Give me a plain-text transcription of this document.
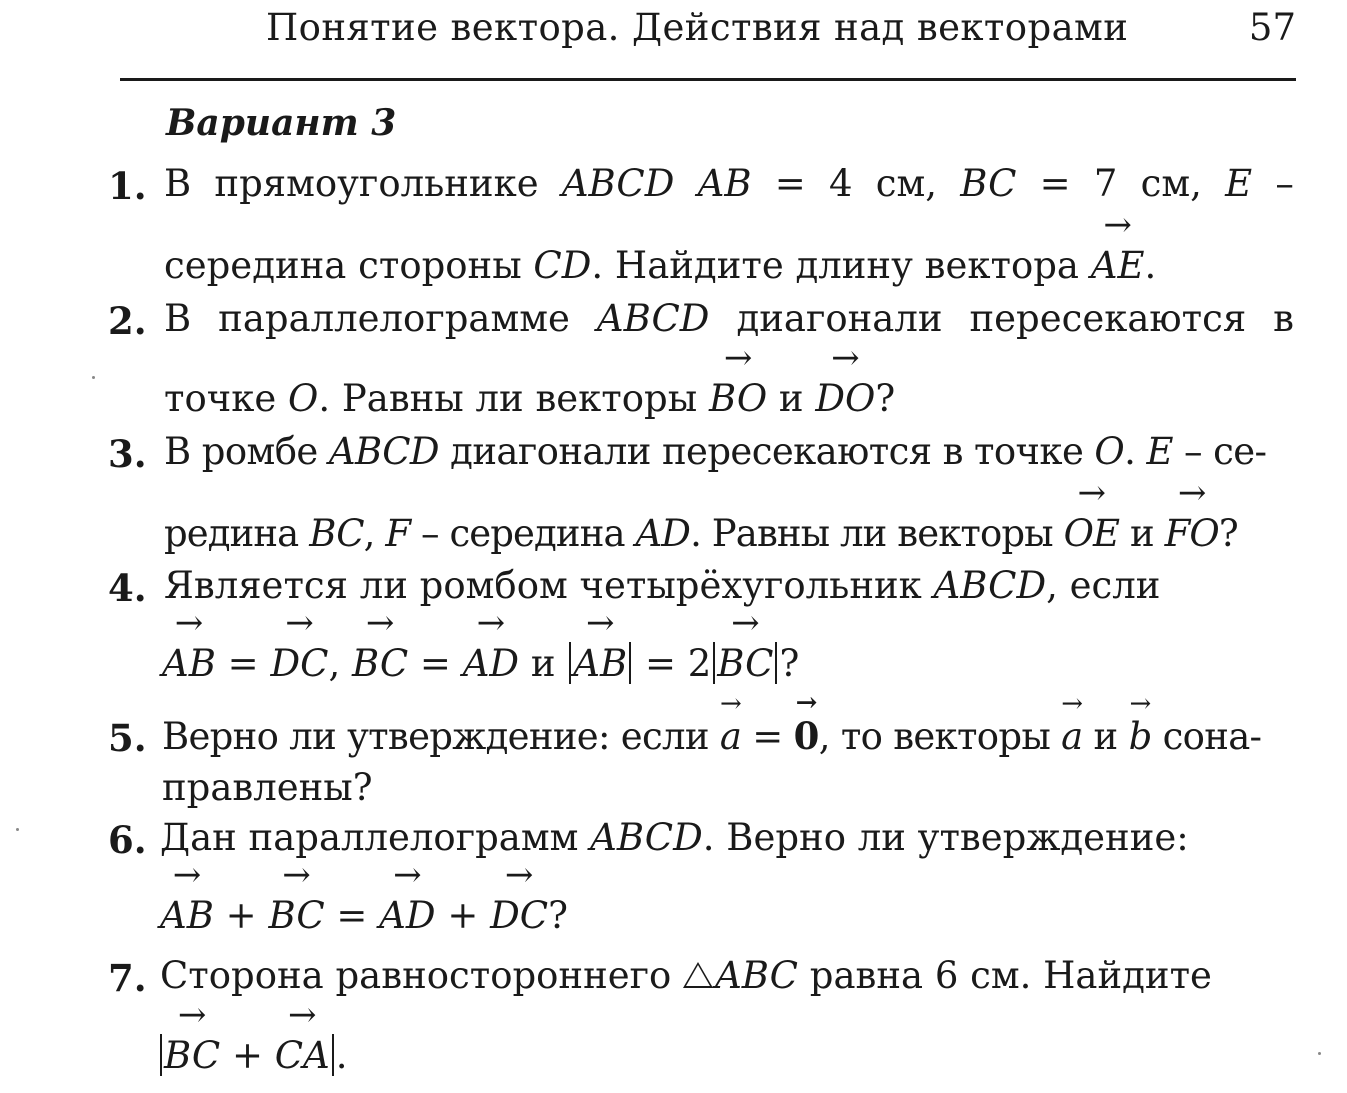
Понятие вектора. Действия над векторами	57
Вариант 3
1. В прямоугольнике ABCD AB = 4 см, BC = 7 см, E –
середина стороны CD. Найдите длину вектора → AE.
2. В параллелограмме ABCD диагонали пересекаются в
точке O. Равны ли векторы → BO и → DO?
3. В ромбе ABCD диагонали пересекаются в точке O. E – се-
редина BC, F – середина AD. Равны ли векторы → OE и → FO?
4. Является ли ромбом четырёхугольник ABCD, если
→ AB = → DC, → BC = → AD и → AB = 2→ BC ?
5. Верно ли утверждение: если → a = → 0, то векторы → a и → b сона-
правлены?
6. Дан параллелограмм ABCD. Верно ли утверждение:
→ AB + → BC = → AD + → DC?
7. Сторона равностороннего ABC равна 6 см. Найдите
→ BC + → CA .
